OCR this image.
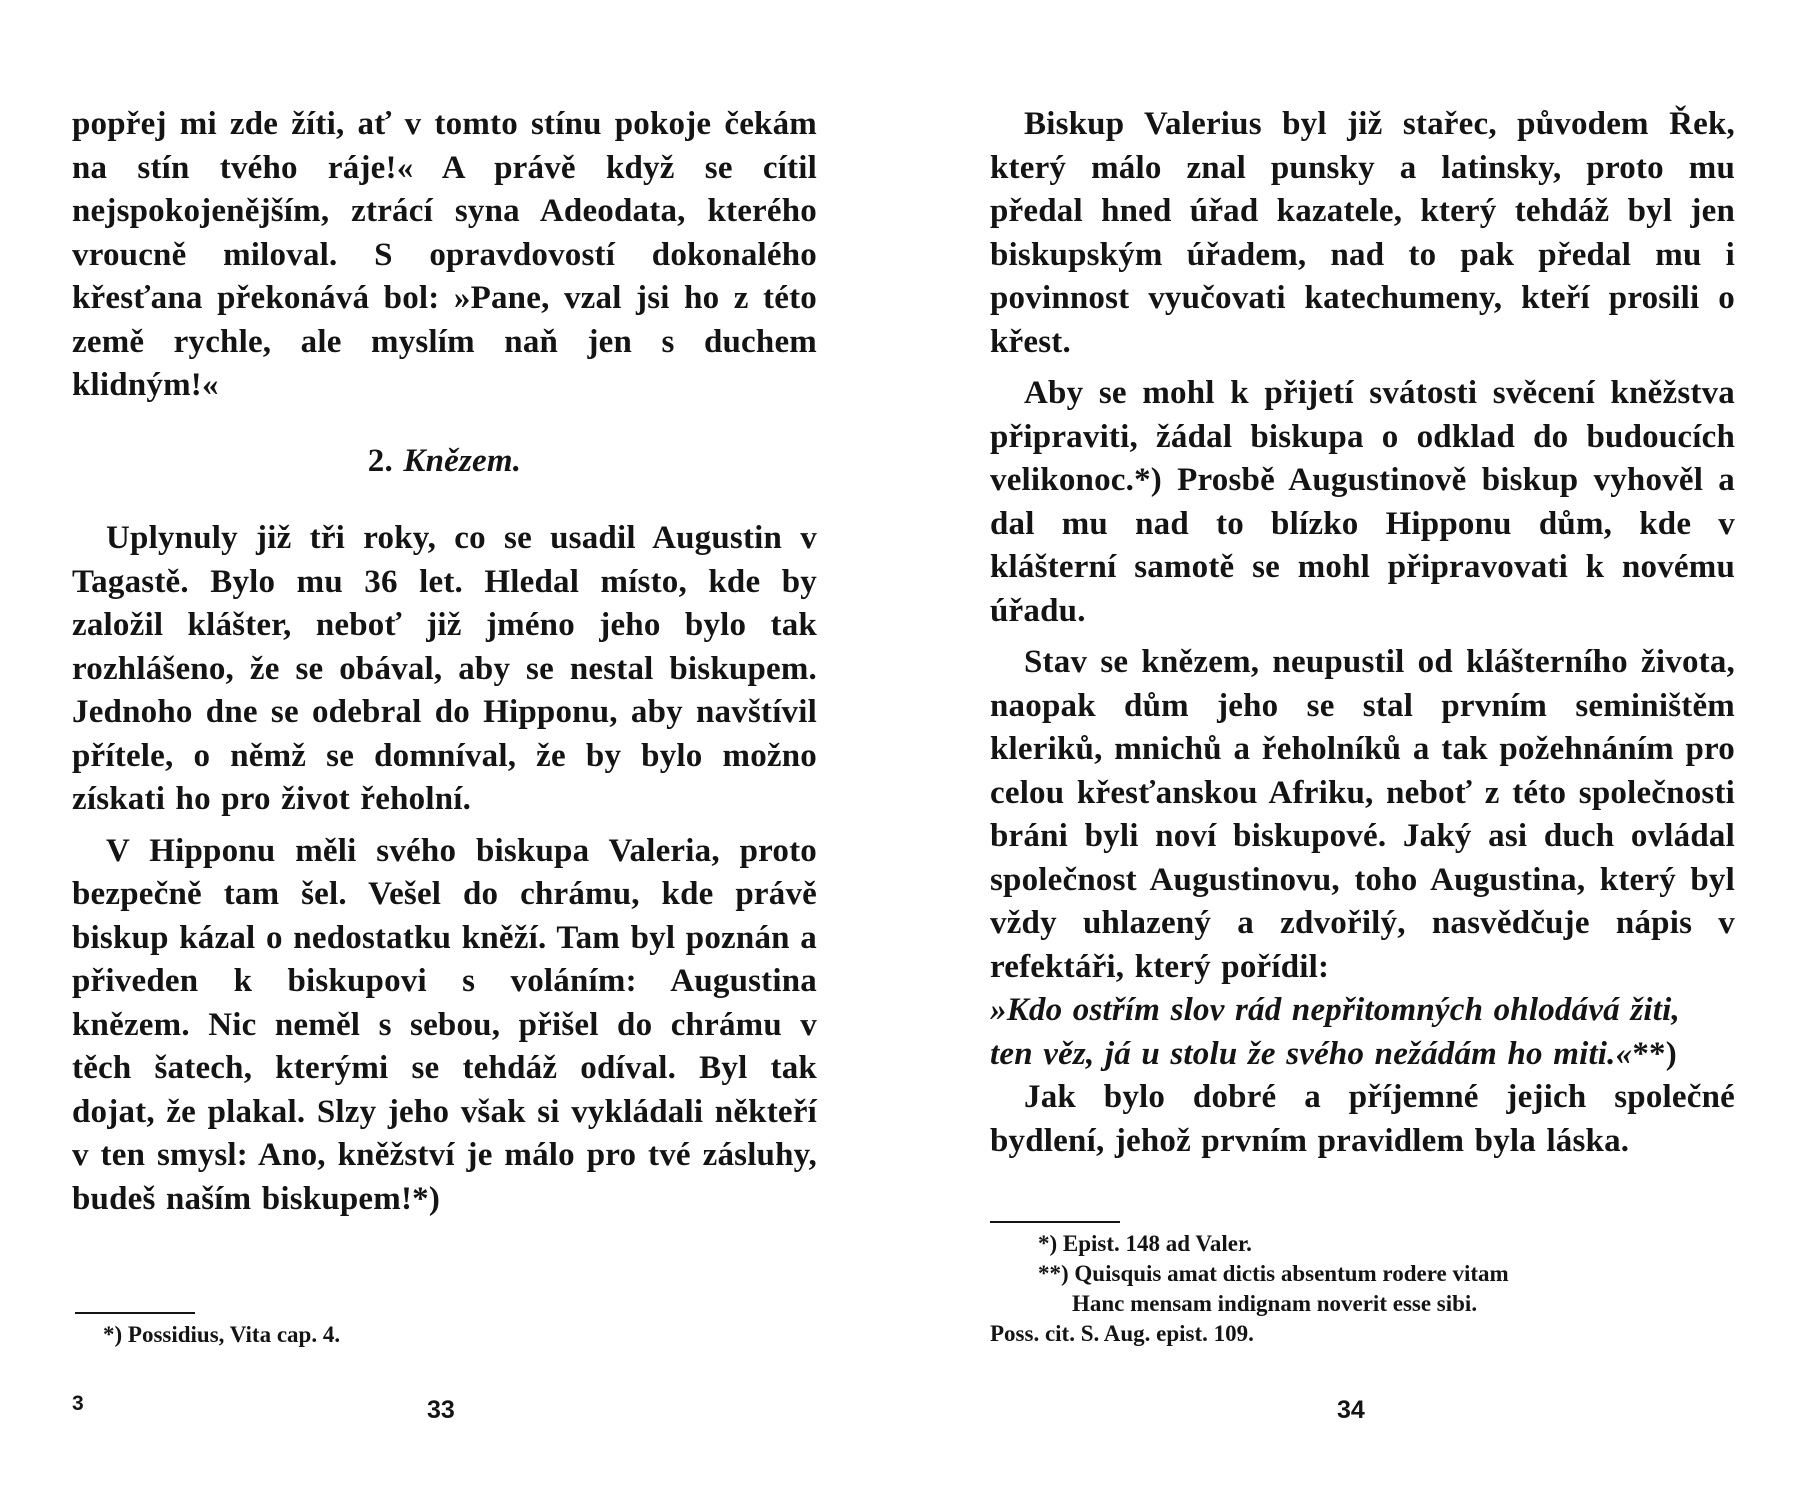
popřej mi zde žíti, ať v tomto stínu pokoje čekám na stín tvého ráje!« A právě když se cítil nejspokojenějším, ztrácí syna Adeodata, kterého vroucně miloval. S opravdovostí dokonalého křesťana překonává bol: »Pane, vzal jsi ho z této země rychle, ale myslím naň jen s duchem klidným!«

2. Knězem.

Uplynuly již tři roky, co se usadil Augustin v Tagastě. Bylo mu 36 let. Hledal místo, kde by založil klášter, neboť již jméno jeho bylo tak rozhlášeno, že se obával, aby se nestal biskupem. Jednoho dne se odebral do Hipponu, aby navštívil přítele, o němž se domníval, že by bylo možno získati ho pro život řeholní.

V Hipponu měli svého biskupa Valeria, proto bezpečně tam šel. Vešel do chrámu, kde právě biskup kázal o nedostatku kněží. Tam byl poznán a přiveden k biskupovi s voláním: Augustina knězem. Nic neměl s sebou, přišel do chrámu v těch šatech, kterými se tehdáž odíval. Byl tak dojat, že plakal. Slzy jeho však si vykládali někteří v ten smysl: Ano, kněžství je málo pro tvé zásluhy, budeš naším biskupem!*)

*) Possidius, Vita cap. 4.
3	33

Biskup Valerius byl již stařec, původem Řek, který málo znal punsky a latinsky, proto mu předal hned úřad kazatele, který tehdáž byl jen biskupským úřadem, nad to pak předal mu i povinnost vyučovati katechumeny, kteří prosili o křest.

Aby se mohl k přijetí svátosti svěcení kněžstva připraviti, žádal biskupa o odklad do budoucích velikonoc.*) Prosbě Augustinově biskup vyhověl a dal mu nad to blízko Hipponu dům, kde v klášterní samotě se mohl připravovati k novému úřadu.

Stav se knězem, neupustil od klášterního života, naopak dům jeho se stal prvním seminištěm kleriků, mnichů a řeholníků a tak požehnáním pro celou křesťanskou Afriku, neboť z této společnosti bráni byli noví biskupové. Jaký asi duch ovládal společnost Augustinovu, toho Augustina, který byl vždy uhlazený a zdvořilý, nasvědčuje nápis v refektáři, který pořídil:

»Kdo ostřím slov rád nepřitomných ohlodává žiti,
ten věz, já u stolu že svého nežádám ho miti.«**)

Jak bylo dobré a příjemné jejich společné bydlení, jehož prvním pravidlem byla láska.

*) Epist. 148 ad Valer.
**) Quisquis amat dictis absentum rodere vitam
Hanc mensam indignam noverit esse sibi.
Poss. cit. S. Aug. epist. 109.
34
